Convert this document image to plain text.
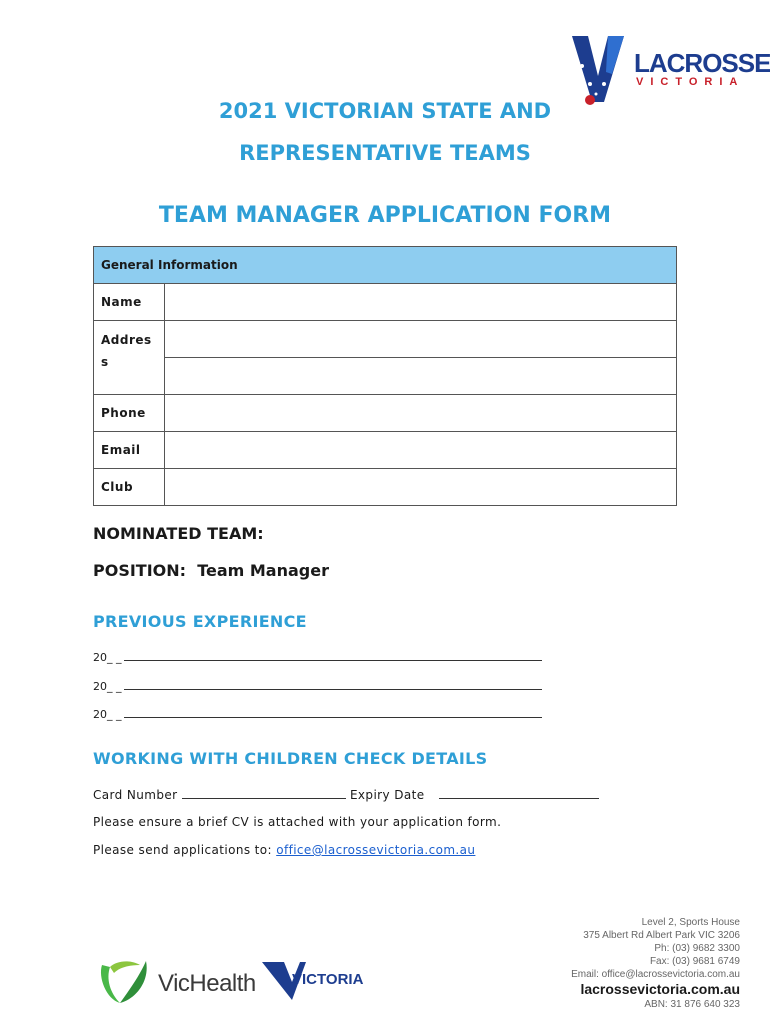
LACROSSE
VICTORIA
2021 VICTORIAN STATE AND
REPRESENTATIVE TEAMS
TEAM MANAGER APPLICATION FORM
General Information	
Name	
Addres s	

Phone	
Email	
Club	
NOMINATED TEAM:
POSITION: Team Manager
PREVIOUS EXPERIENCE
20_ _
20_ _
20_ _
WORKING WITH CHILDREN CHECK DETAILS
Card Number	Expiry Date
Please ensure a brief CV is attached with your application form.
Please send applications to: office@lacrossevictoria.com.au
Level 2, Sports House
375 Albert Rd Albert Park VIC 3206
Ph: (03) 9682 3300
Fax: (03) 9681 6749
Email: office@lacrossevictoria.com.au
lacrossevictoria.com.au
ABN: 31 876 640 323
VicHealth VICTORIA
